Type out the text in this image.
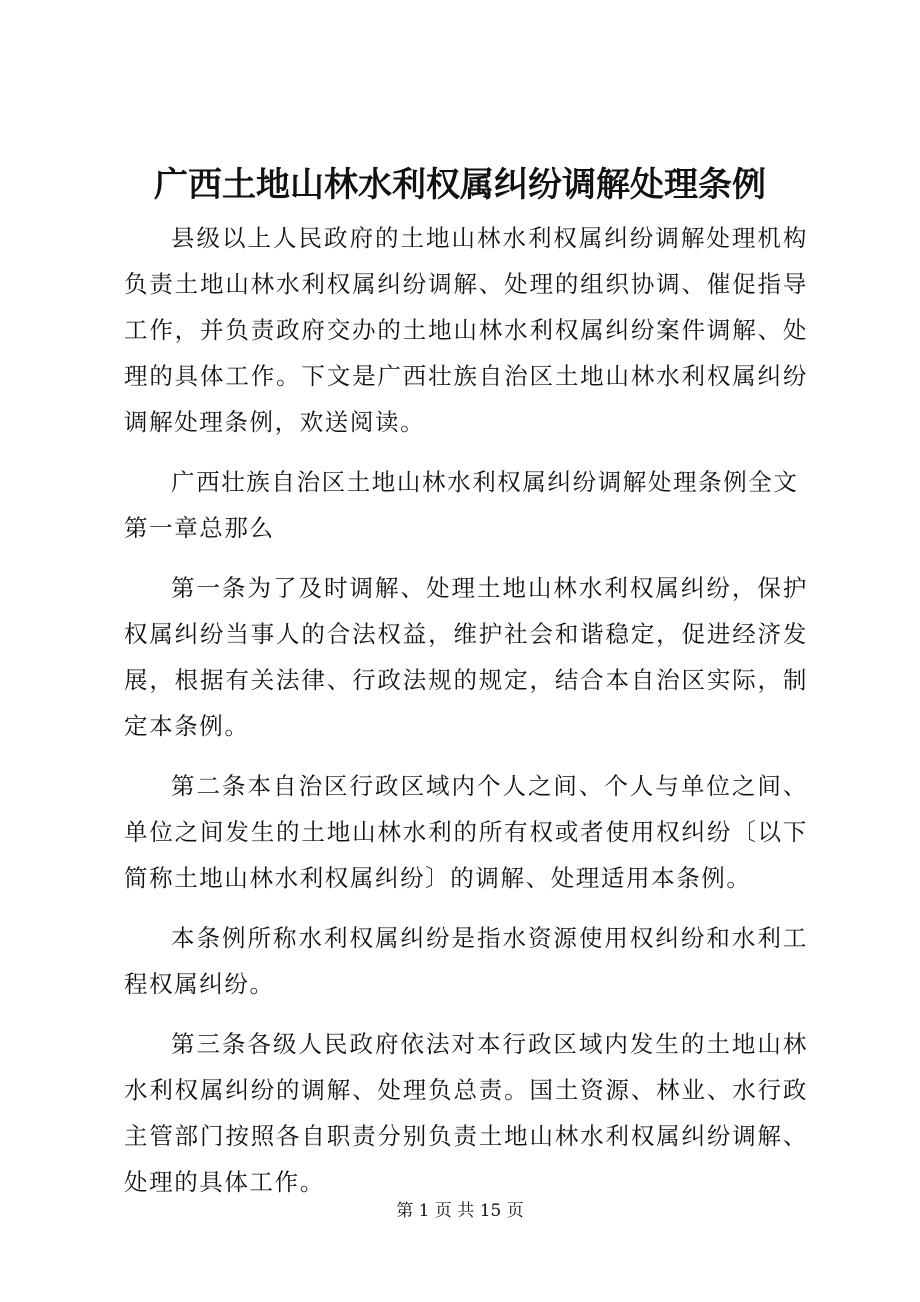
广西土地山林水利权属纠纷调解处理条例

县级以上人民政府的土地山林水利权属纠纷调解处理机构负责土地山林水利权属纠纷调解、处理的组织协调、催促指导工作，并负责政府交办的土地山林水利权属纠纷案件调解、处理的具体工作。下文是广西壮族自治区土地山林水利权属纠纷调解处理条例，欢送阅读。

广西壮族自治区土地山林水利权属纠纷调解处理条例全文

第一章总那么

第一条为了及时调解、处理土地山林水利权属纠纷，保护权属纠纷当事人的合法权益，维护社会和谐稳定，促进经济发展，根据有关法律、行政法规的规定，结合本自治区实际，制定本条例。

第二条本自治区行政区域内个人之间、个人与单位之间、单位之间发生的土地山林水利的所有权或者使用权纠纷〔以下简称土地山林水利权属纠纷〕的调解、处理适用本条例。

本条例所称水利权属纠纷是指水资源使用权纠纷和水利工程权属纠纷。

第三条各级人民政府依法对本行政区域内发生的土地山林水利权属纠纷的调解、处理负总责。国土资源、林业、水行政主管部门按照各自职责分别负责土地山林水利权属纠纷调解、处理的具体工作。

第 1 页 共 15 页
